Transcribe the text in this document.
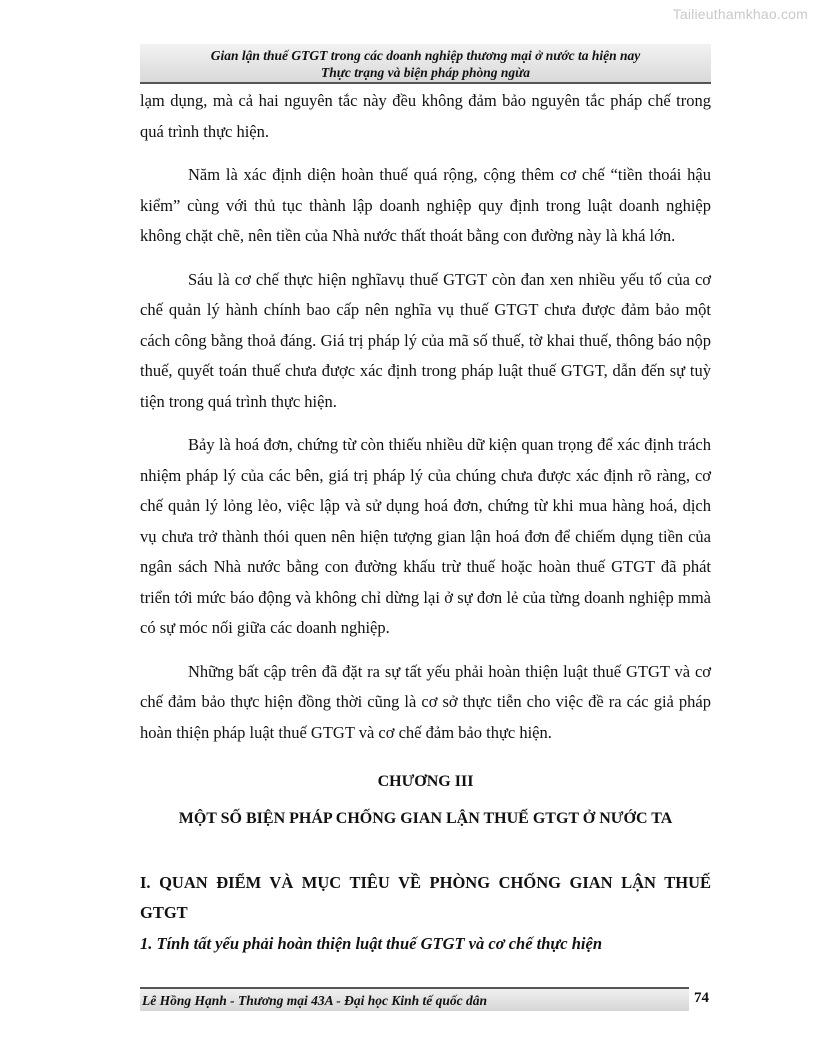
Tailieuthamkhao.com
Gian lận thuế GTGT trong các doanh nghiệp thương mại ở nước ta hiện nay
Thực trạng và biện pháp phòng ngừa

lạm dụng, mà cả hai nguyên tắc này đều không đảm bảo nguyên tắc pháp chế trong quá trình thực hiện.

Năm là xác định diện hoàn thuế quá rộng, cộng thêm cơ chế “tiền thoái hậu kiểm” cùng với thủ tục thành lập doanh nghiệp quy định trong luật doanh nghiệp không chặt chẽ, nên tiền của Nhà nước thất thoát bằng con đường này là khá lớn.

Sáu là cơ chế thực hiện nghĩavụ thuế GTGT còn đan xen nhiều yếu tố của cơ chế quản lý hành chính bao cấp nên nghĩa vụ thuế GTGT chưa được đảm bảo một cách công bằng thoả đáng. Giá trị pháp lý của mã số thuế, tờ khai thuế, thông báo nộp thuế, quyết toán thuế chưa được xác định trong pháp luật thuế GTGT, dẫn đến sự tuỳ tiện trong quá trình thực hiện.

Bảy là hoá đơn, chứng từ còn thiếu nhiều dữ kiện quan trọng để xác định trách nhiệm pháp lý của các bên, giá trị pháp lý của chúng chưa được xác định rõ ràng, cơ chế quản lý lỏng lẻo, việc lập và sử dụng hoá đơn, chứng từ khi mua hàng hoá, dịch vụ chưa trở thành thói quen nên hiện tượng gian lận hoá đơn để chiếm dụng tiền của ngân sách Nhà nước bằng con đường khấu trừ thuế hoặc hoàn thuế GTGT đã phát triển tới mức báo động và không chỉ dừng lại ở sự đơn lẻ của từng doanh nghiệp mmà có sự móc nối giữa các doanh nghiệp.

Những bất cập trên đã đặt ra sự tất yếu phải hoàn thiện luật thuế GTGT và cơ chế đảm bảo thực hiện đồng thời cũng là cơ sở thực tiễn cho việc đề ra các giả pháp hoàn thiện pháp luật thuế GTGT và cơ chế đảm bảo thực hiện.

CHƯƠNG III
MỘT SỐ BIỆN PHÁP CHỐNG GIAN LẬN THUẾ GTGT Ở NƯỚC TA
I. QUAN ĐIỂM VÀ MỤC TIÊU VỀ PHÒNG CHỐNG GIAN LẬN THUẾ GTGT
1. Tính tất yếu phải hoàn thiện luật thuế GTGT và cơ chế thực hiện
Lê Hồng Hạnh - Thương mại 43A - Đại học Kinh tế quốc dân	74
